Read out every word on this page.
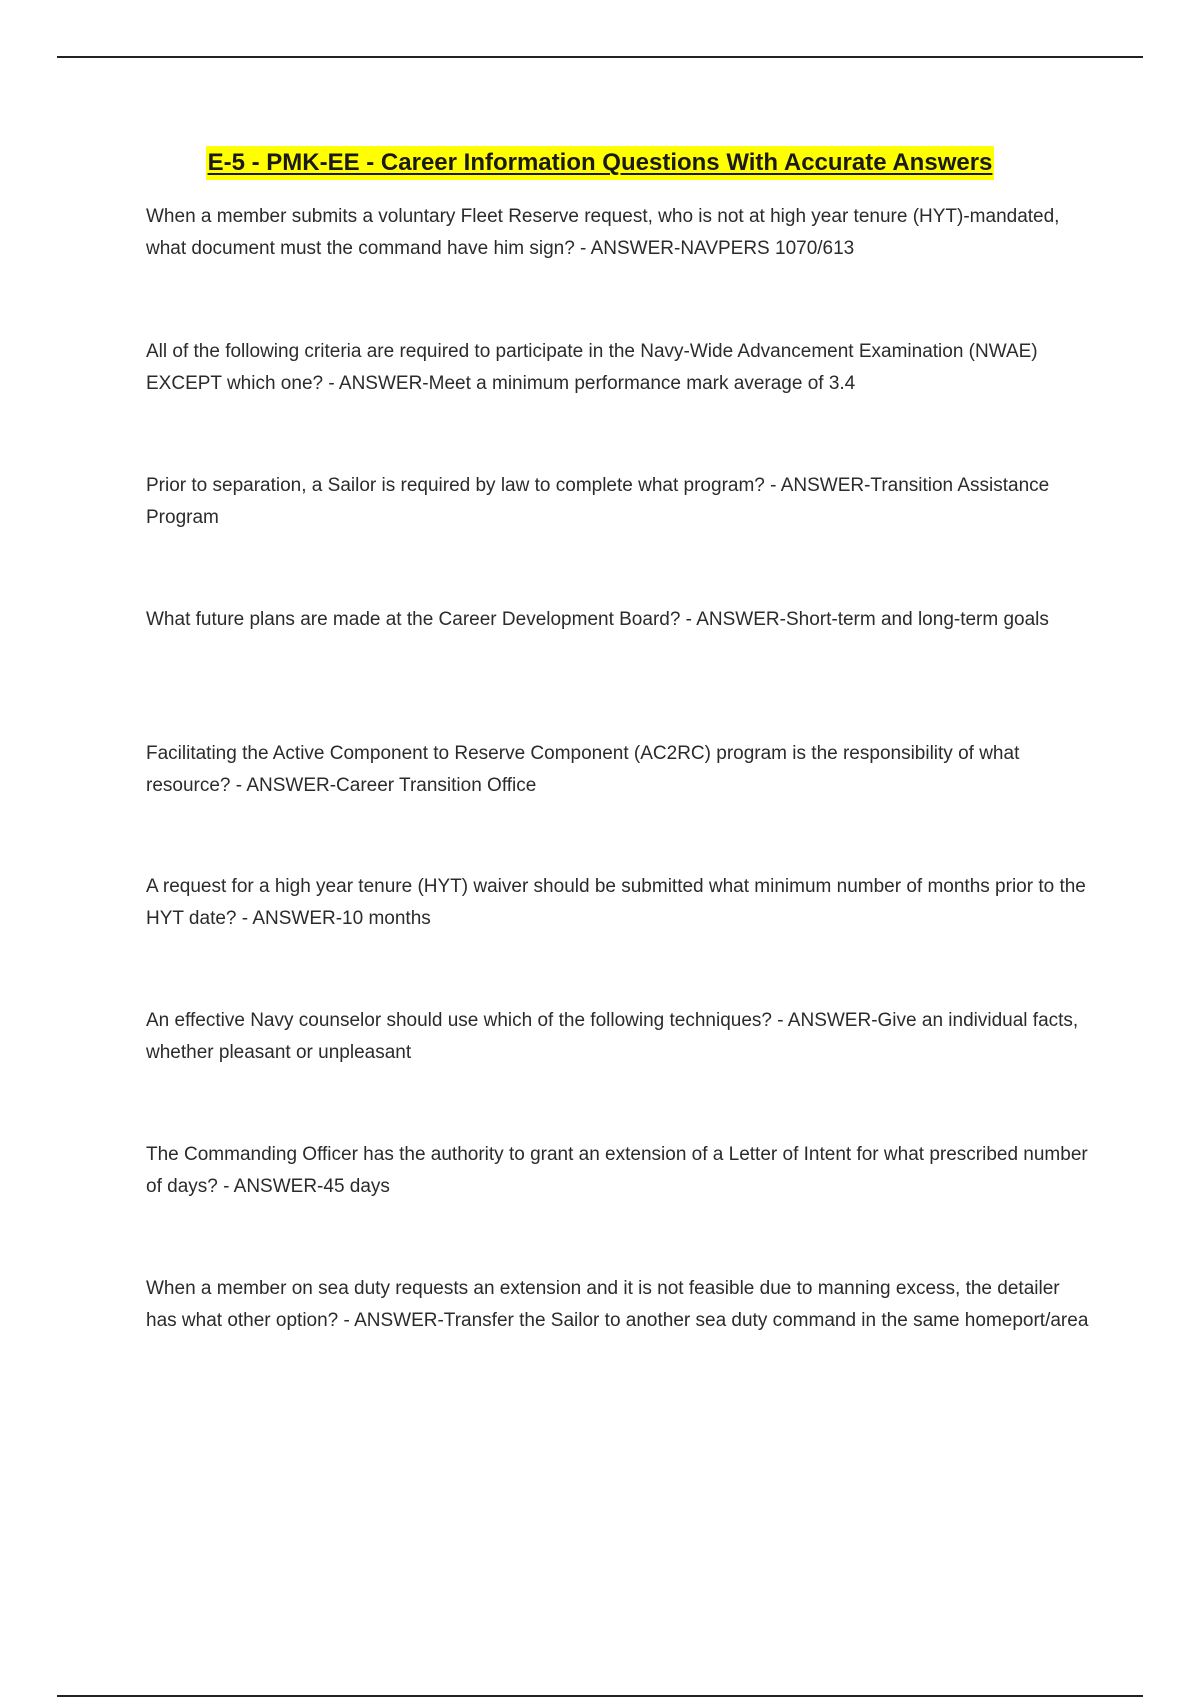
E-5 - PMK-EE - Career Information Questions With Accurate Answers

When a member submits a voluntary Fleet Reserve request, who is not at high year tenure (HYT)-mandated, what document must the command have him sign? - ANSWER-NAVPERS 1070/613

All of the following criteria are required to participate in the Navy-Wide Advancement Examination (NWAE) EXCEPT which one? - ANSWER-Meet a minimum performance mark average of 3.4

Prior to separation, a Sailor is required by law to complete what program? - ANSWER-Transition Assistance Program

What future plans are made at the Career Development Board? - ANSWER-Short-term and long-term goals

Facilitating the Active Component to Reserve Component (AC2RC) program is the responsibility of what resource? - ANSWER-Career Transition Office

A request for a high year tenure (HYT) waiver should be submitted what minimum number of months prior to the HYT date? - ANSWER-10 months

An effective Navy counselor should use which of the following techniques? - ANSWER-Give an individual facts, whether pleasant or unpleasant

The Commanding Officer has the authority to grant an extension of a Letter of Intent for what prescribed number of days? - ANSWER-45 days

When a member on sea duty requests an extension and it is not feasible due to manning excess, the detailer has what other option? - ANSWER-Transfer the Sailor to another sea duty command in the same homeport/area
